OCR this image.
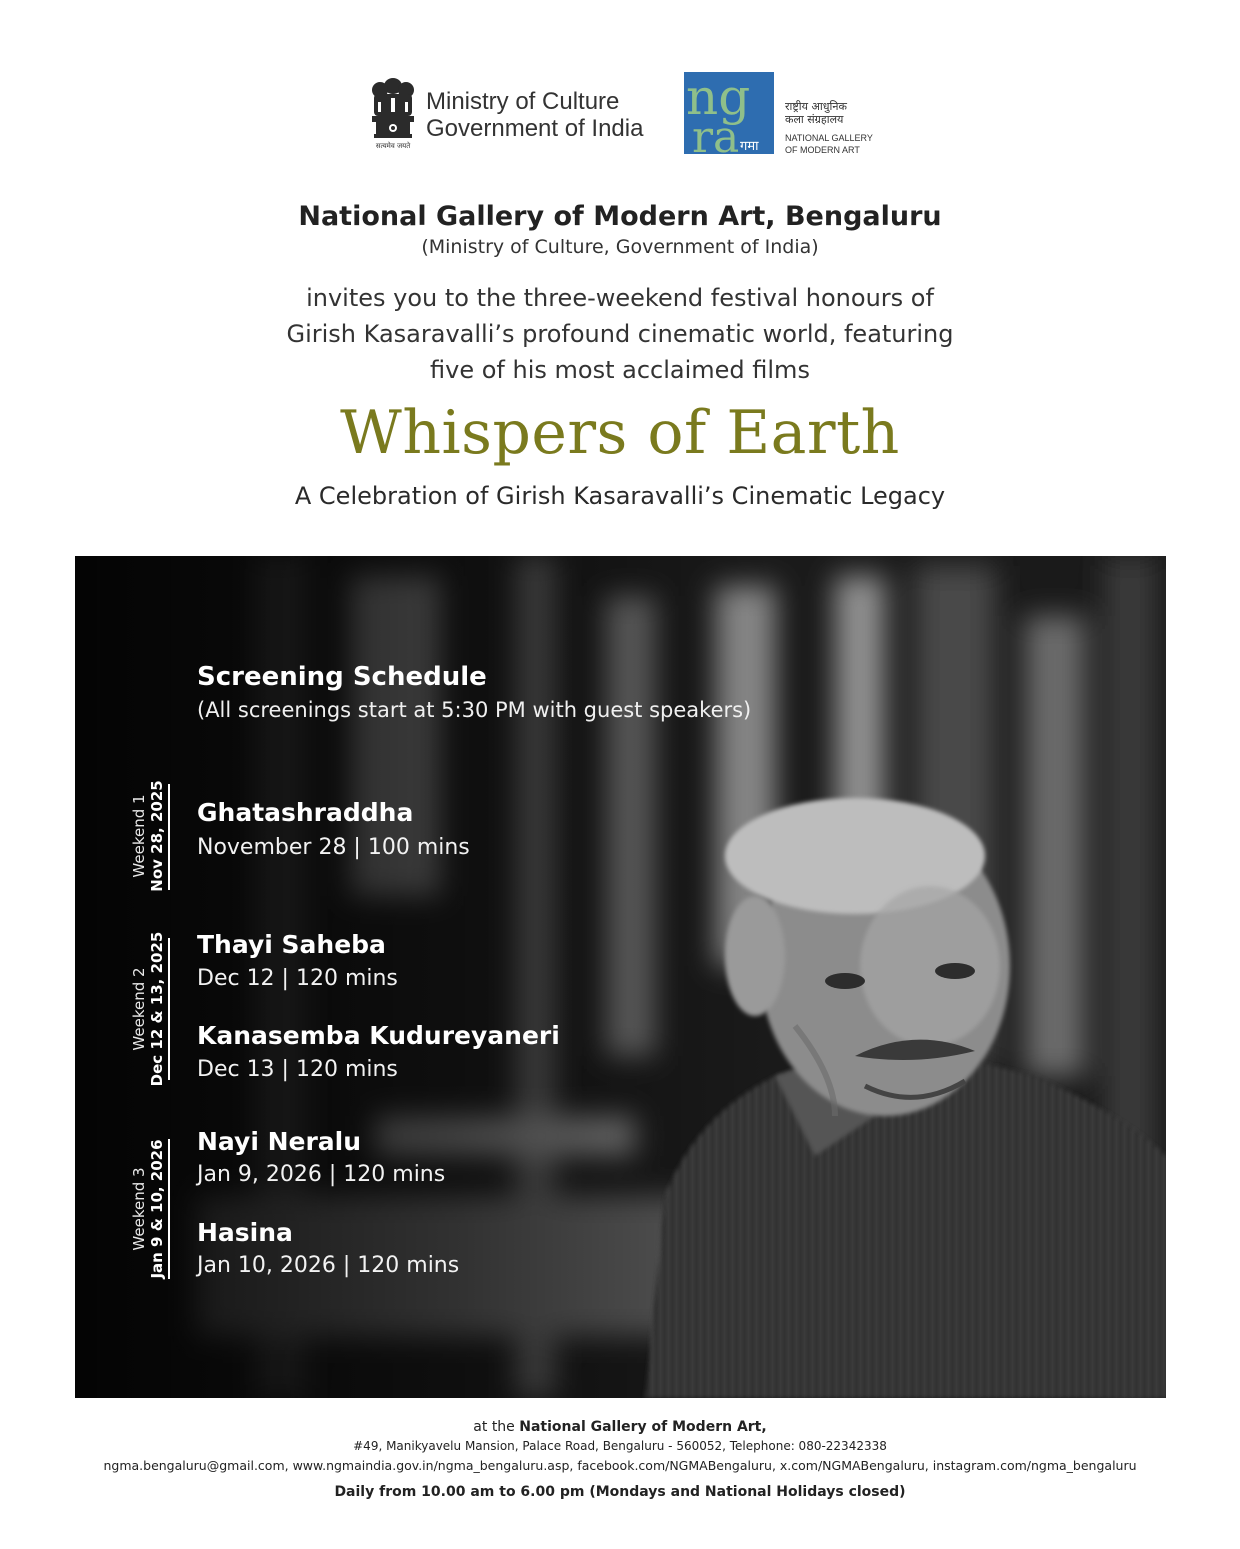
सत्यमेव जयते
Ministry of Culture
Government of India
ng
ra गमा
राष्ट्रीय आधुनिक
कला संग्रहालय
NATIONAL GALLERY
OF MODERN ART
National Gallery of Modern Art, Bengaluru
(Ministry of Culture, Government of India)
invites you to the three-weekend festival honours of
Girish Kasaravalli’s profound cinematic world, featuring
five of his most acclaimed films
Whispers of Earth
A Celebration of Girish Kasaravalli’s Cinematic Legacy
Screening Schedule
(All screenings start at 5:30 PM with guest speakers)
Weekend 1 Nov 28, 2025
Weekend 2 Dec 12 & 13, 2025
Weekend 3 Jan 9 & 10, 2026
Ghatashraddha
November 28 | 100 mins
Thayi Saheba
Dec 12 | 120 mins
Kanasemba Kudureyaneri
Dec 13 | 120 mins
Nayi Neralu
Jan 9, 2026 | 120 mins
Hasina
Jan 10, 2026 | 120 mins
at the National Gallery of Modern Art,
#49, Manikyavelu Mansion, Palace Road, Bengaluru - 560052, Telephone: 080-22342338
ngma.bengaluru@gmail.com, www.ngmaindia.gov.in/ngma_bengaluru.asp, facebook.com/NGMABengaluru, x.com/NGMABengaluru, instagram.com/ngma_bengaluru
Daily from 10.00 am to 6.00 pm (Mondays and National Holidays closed)
